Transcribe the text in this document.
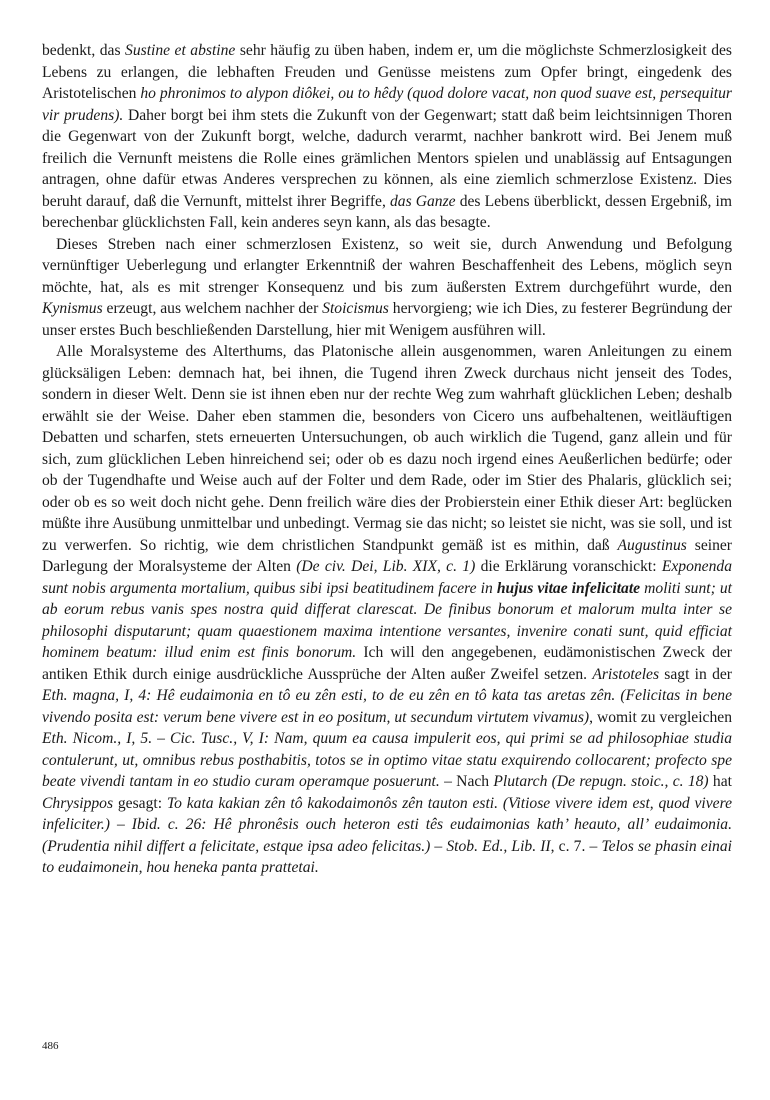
bedenkt, das Sustine et abstine sehr häufig zu üben haben, indem er, um die möglichste Schmerzlosigkeit des Lebens zu erlangen, die lebhaften Freuden und Genüsse meistens zum Opfer bringt, eingedenk des Aristotelischen ho phronimos to alypon diôkei, ou to hêdy (quod dolore vacat, non quod suave est, persequitur vir prudens). Daher borgt bei ihm stets die Zukunft von der Gegenwart; statt daß beim leichtsinnigen Thoren die Gegenwart von der Zukunft borgt, welche, dadurch verarmt, nachher bankrott wird. Bei Jenem muß freilich die Vernunft meistens die Rolle eines grämlichen Mentors spielen und unablässig auf Entsagungen antragen, ohne dafür etwas Anderes versprechen zu können, als eine ziemlich schmerzlose Existenz. Dies beruht darauf, daß die Vernunft, mittelst ihrer Begriffe, das Ganze des Lebens überblickt, dessen Ergebniß, im berechenbar glücklichsten Fall, kein anderes seyn kann, als das besagte.

Dieses Streben nach einer schmerzlosen Existenz, so weit sie, durch Anwendung und Befolgung vernünftiger Ueberlegung und erlangter Erkenntniß der wahren Beschaffenheit des Lebens, möglich seyn möchte, hat, als es mit strenger Konsequenz und bis zum äußersten Extrem durchgeführt wurde, den Kynismus erzeugt, aus welchem nachher der Stoicismus hervorgieng; wie ich Dies, zu festerer Begründung der unser erstes Buch beschließenden Darstellung, hier mit Wenigem ausführen will.

Alle Moralsysteme des Alterthums, das Platonische allein ausgenommen, waren Anleitungen zu einem glücksäligen Leben: demnach hat, bei ihnen, die Tugend ihren Zweck durchaus nicht jenseit des Todes, sondern in dieser Welt. Denn sie ist ihnen eben nur der rechte Weg zum wahrhaft glücklichen Leben; deshalb erwählt sie der Weise. Daher eben stammen die, besonders von Cicero uns aufbehaltenen, weitläuftigen Debatten und scharfen, stets erneuerten Untersuchungen, ob auch wirklich die Tugend, ganz allein und für sich, zum glücklichen Leben hinreichend sei; oder ob es dazu noch irgend eines Aeußerlichen bedürfe; oder ob der Tugendhafte und Weise auch auf der Folter und dem Rade, oder im Stier des Phalaris, glücklich sei; oder ob es so weit doch nicht gehe. Denn freilich wäre dies der Probierstein einer Ethik dieser Art: beglücken müßte ihre Ausübung unmittelbar und unbedingt. Vermag sie das nicht; so leistet sie nicht, was sie soll, und ist zu verwerfen. So richtig, wie dem christlichen Standpunkt gemäß ist es mithin, daß Augustinus seiner Darlegung der Moralsysteme der Alten (De civ. Dei, Lib. XIX, c. 1) die Erklärung voranschickt: Exponenda sunt nobis argumenta mortalium, quibus sibi ipsi beatitudinem facere in hujus vitae infelicitate moliti sunt; ut ab eorum rebus vanis spes nostra quid differat clarescat. De finibus bonorum et malorum multa inter se philosophi disputarunt; quam quaestionem maxima intentione versantes, invenire conati sunt, quid efficiat hominem beatum: illud enim est finis bonorum. Ich will den angegebenen, eudämonistischen Zweck der antiken Ethik durch einige ausdrückliche Aussprüche der Alten außer Zweifel setzen. Aristoteles sagt in der Eth. magna, I, 4: Hê eudaimonia en tô eu zên esti, to de eu zên en tô kata tas aretas zên. (Felicitas in bene vivendo posita est: verum bene vivere est in eo positum, ut secundum virtutem vivamus), womit zu vergleichen Eth. Nicom., I, 5. – Cic. Tusc., V, I: Nam, quum ea causa impulerit eos, qui primi se ad philosophiae studia contulerunt, ut, omnibus rebus posthabitis, totos se in optimo vitae statu exquirendo collocarent; profecto spe beate vivendi tantam in eo studio curam operamque posuerunt. – Nach Plutarch (De repugn. stoic., c. 18) hat Chrysippos gesagt: To kata kakian zên tô kakodaimonôs zên tauton esti. (Vitiose vivere idem est, quod vivere infeliciter.) – Ibid. c. 26: Hê phronêsis ouch heteron esti tês eudaimonias kath’ heauto, all’ eudaimonia. (Prudentia nihil differt a felicitate, estque ipsa adeo felicitas.) – Stob. Ed., Lib. II, c. 7. – Telos se phasin einai to eudaimonein, hou heneka panta prattetai.

486
